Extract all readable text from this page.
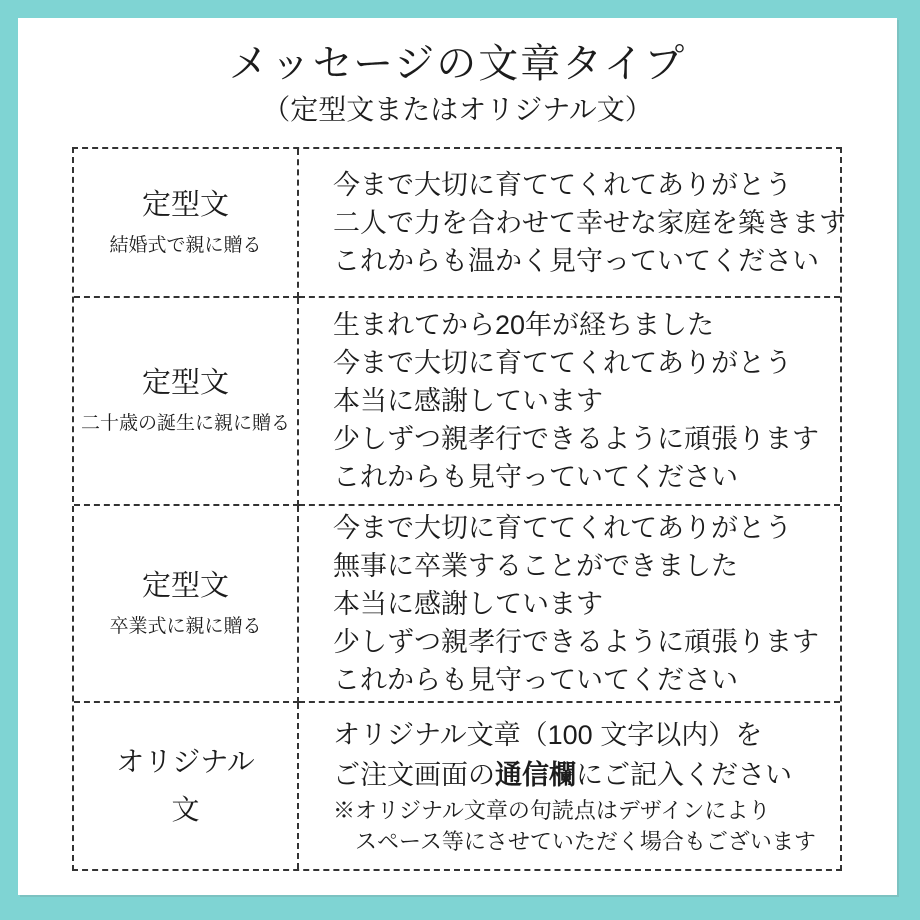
メッセージの文章タイプ
（定型文またはオリジナル文）
定型文
結婚式で親に贈る
今まで大切に育ててくれてありがとう
二人で力を合わせて幸せな家庭を築きます
これからも温かく見守っていてください
定型文
二十歳の誕生に親に贈る
生まれてから20年が経ちました
今まで大切に育ててくれてありがとう
本当に感謝しています
少しずつ親孝行できるように頑張ります
これからも見守っていてください
定型文
卒業式に親に贈る
今まで大切に育ててくれてありがとう
無事に卒業することができました
本当に感謝しています
少しずつ親孝行できるように頑張ります
これからも見守っていてください
オリジナル
文
オリジナル文章（100 文字以内）を
ご注文画面の通信欄にご記入ください
※オリジナル文章の句読点はデザインにより
　スペース等にさせていただく場合もございます
